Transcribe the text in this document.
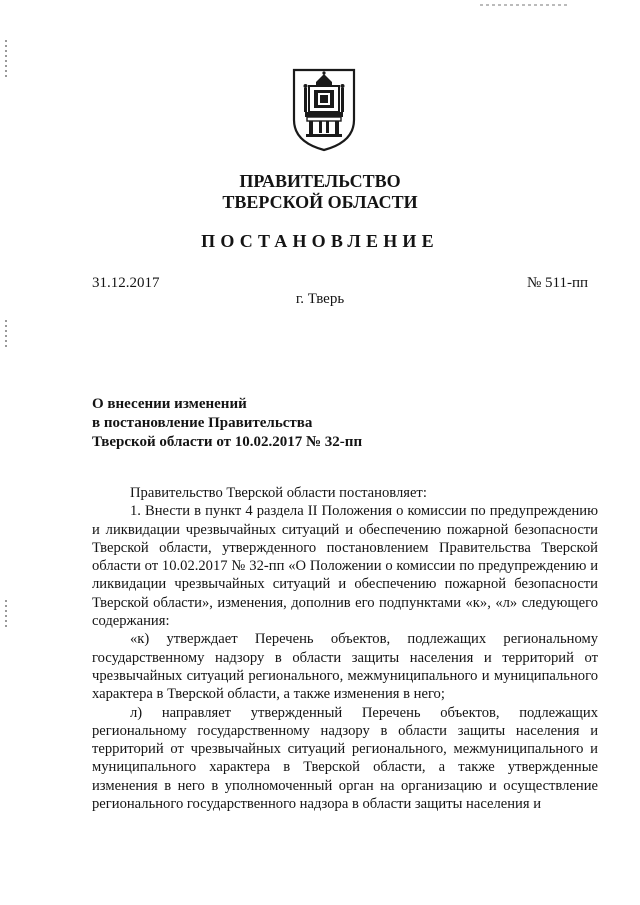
ПРАВИТЕЛЬСТВО
ТВЕРСКОЙ ОБЛАСТИ
ПОСТАНОВЛЕНИЕ
31.12.2017	№ 511-пп
г. Тверь
О внесении изменений
в постановление Правительства
Тверской области от 10.02.2017 № 32-пп

Правительство Тверской области постановляет:

1. Внести в пункт 4 раздела II Положения о комиссии по предупреждению и ликвидации чрезвычайных ситуаций и обеспечению пожарной безопасности Тверской области, утвержденного постановлением Правительства Тверской области от 10.02.2017 № 32-пп «О Положении о комиссии по предупреждению и ликвидации чрезвычайных ситуаций и обеспечению пожарной безопасности Тверской области», изменения, дополнив его подпунктами «к», «л» следующего содержания:

«к) утверждает Перечень объектов, подлежащих региональному государственному надзору в области защиты населения и территорий от чрезвычайных ситуаций регионального, межмуниципального и муниципального характера в Тверской области, а также изменения в него;

л) направляет утвержденный Перечень объектов, подлежащих региональному государственному надзору в области защиты населения и территорий от чрезвычайных ситуаций регионального, межмуниципального и муниципального характера в Тверской области, а также утвержденные изменения в него в уполномоченный орган на организацию и осуществление регионального государственного надзора в области защиты населения и
